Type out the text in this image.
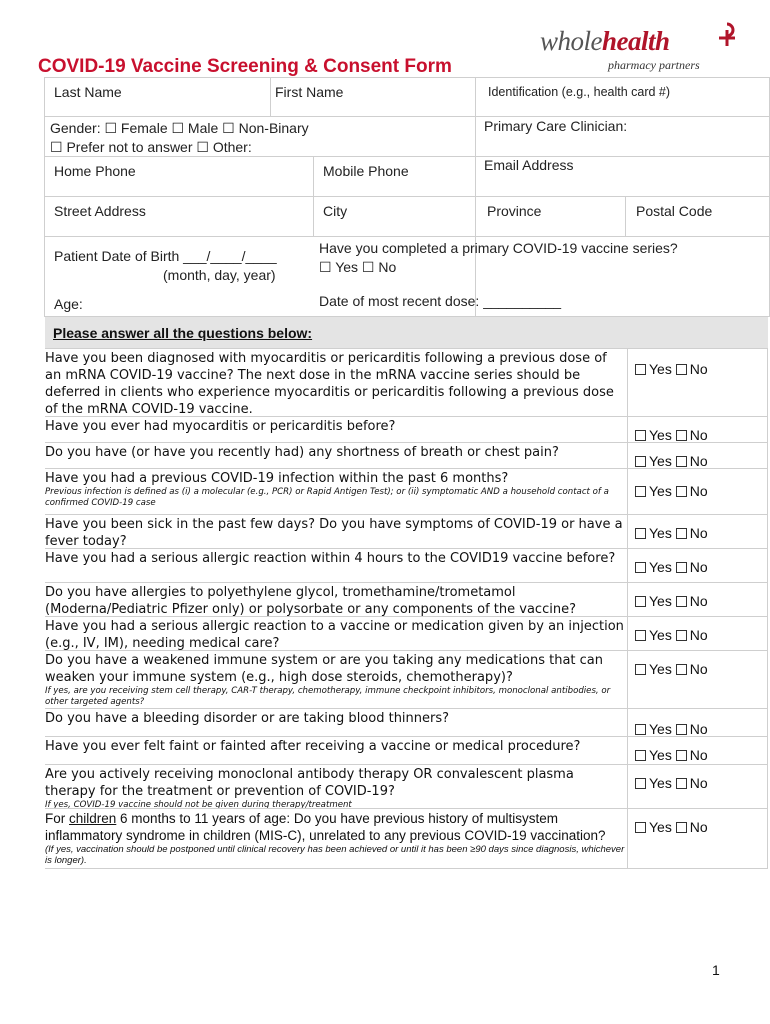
wholehealth
pharmacy partners
COVID-19 Vaccine Screening & Consent Form
Last Name	First Name	Identification (e.g., health card #)
Gender: ☐ Female ☐ Male ☐ Non-Binary
☐ Prefer not to answer ☐ Other:
Primary Care Clinician:
Home Phone	Mobile Phone	Email Address
Street Address	City	Province	Postal Code
Patient Date of Birth ___/____/____
(month, day, year)
Have you completed a primary COVID-19 vaccine series?
☐ Yes ☐ No
Age:	Date of most recent dose: __________
Please answer all the questions below:
Have you been diagnosed with myocarditis or pericarditis following a previous dose of an mRNA COVID-19 vaccine? The next dose in the mRNA vaccine series should be deferred in clients who experience myocarditis or pericarditis following a previous dose of the mRNA COVID-19 vaccine.
Yes No
Have you ever had myocarditis or pericarditis before?
Yes No
Do you have (or have you recently had) any shortness of breath or chest pain?
Yes No
Have you had a previous COVID-19 infection within the past 6 months?
Previous infection is defined as (i) a molecular (e.g., PCR) or Rapid Antigen Test); or (ii) symptomatic AND a household contact of a confirmed COVID-19 case
Yes No
Have you been sick in the past few days? Do you have symptoms of COVID-19 or have a fever today?
Yes No
Have you had a serious allergic reaction within 4 hours to the COVID19 vaccine before?
Yes No
Do you have allergies to polyethylene glycol, tromethamine/trometamol (Moderna/Pediatric Pfizer only) or polysorbate or any components of the vaccine?
Yes No
Have you had a serious allergic reaction to a vaccine or medication given by an injection (e.g., IV, IM), needing medical care?
Yes No
Do you have a weakened immune system or are you taking any medications that can weaken your immune system (e.g., high dose steroids, chemotherapy)?
If yes, are you receiving stem cell therapy, CAR-T therapy, chemotherapy, immune checkpoint inhibitors, monoclonal antibodies, or other targeted agents?
Yes No
Do you have a bleeding disorder or are taking blood thinners?
Yes No
Have you ever felt faint or fainted after receiving a vaccine or medical procedure?
Yes No
Are you actively receiving monoclonal antibody therapy OR convalescent plasma therapy for the treatment or prevention of COVID-19?
If yes, COVID-19 vaccine should not be given during therapy/treatment
Yes No
For children 6 months to 11 years of age: Do you have previous history of multisystem inflammatory syndrome in children (MIS-C), unrelated to any previous COVID-19 vaccination?
(If yes, vaccination should be postponed until clinical recovery has been achieved or until it has been ≥90 days since diagnosis, whichever is longer).
Yes No
1
